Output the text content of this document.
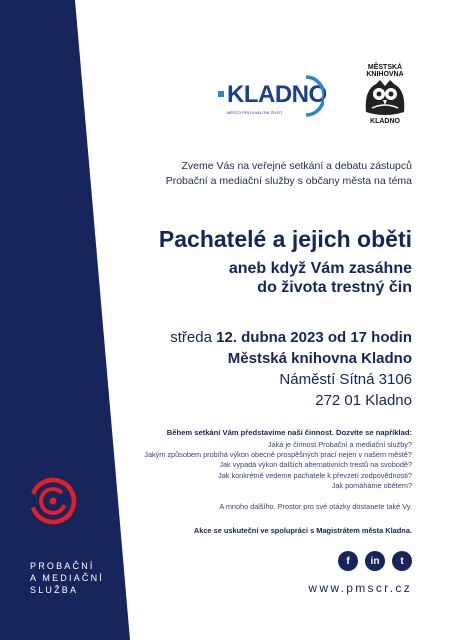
PROBAČNÍ
A MEDIAČNÍ
SLUŽBA
KLADNO
MĚSTO PRO KVALITNÍ ŽIVOT
MĚSTSKÁ KNIHOVNA
KLADNO
Zveme Vás na veřejné setkání a debatu zástupců
Probační a mediační služby s občany města na téma
Pachatelé a jejich oběti
aneb když Vám zasáhne
do života trestný čin
středa 12. dubna 2023 od 17 hodin
Městská knihovna Kladno
Náměstí Sítná 3106
272 01 Kladno
Během setkání Vám představíme naši činnost. Dozvíte se například:
Jaká je činnost Probační a mediační služby?
Jakým způsobem probíhá výkon obecně prospěšných prací nejen v našem městě?
Jak vypadá výkon dalších alternativních trestů na svobodě?
Jak konkrétně vedeme pachatele k převzetí zodpovědnosti?
Jak pomáháme obětem?
A mnoho dalšího. Prostor pro své otázky dostanete také Vy.
Akce se uskuteční ve spolupráci s Magistrátem města Kladna.
f	in	t
www.pmscr.cz
